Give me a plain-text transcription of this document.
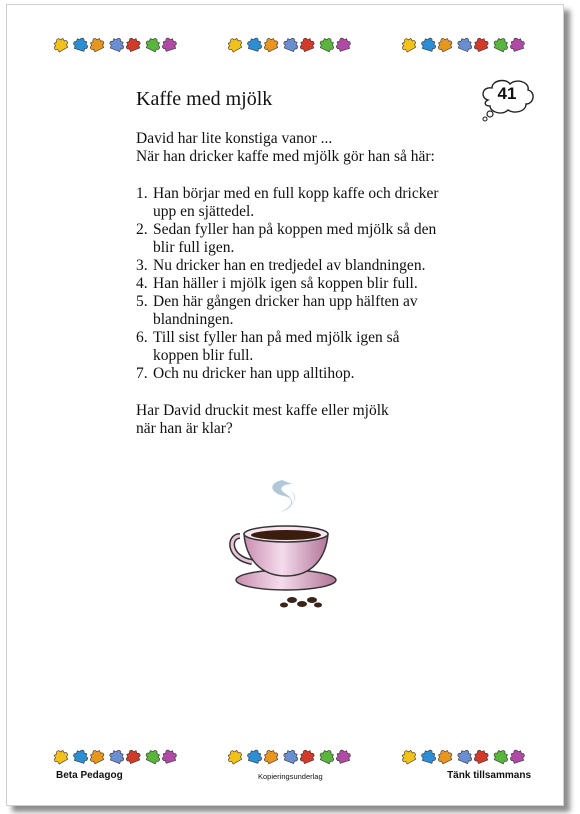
Kaffe med mjölk	41
David har lite konstiga vanor ...
När han dricker kaffe med mjölk gör han så här:
1. Han börjar med en full kopp kaffe och dricker
upp en sjättedel.
2. Sedan fyller han på koppen med mjölk så den
blir full igen.
3. Nu dricker han en tredjedel av blandningen.
4. Han häller i mjölk igen så koppen blir full.
5. Den här gången dricker han upp hälften av
blandningen.
6. Till sist fyller han på med mjölk igen så
koppen blir full.
7. Och nu dricker han upp alltihop.
Har David druckit mest kaffe eller mjölk
när han är klar?
Beta Pedagog	Kopieringsunderlag	Tänk tillsammans
